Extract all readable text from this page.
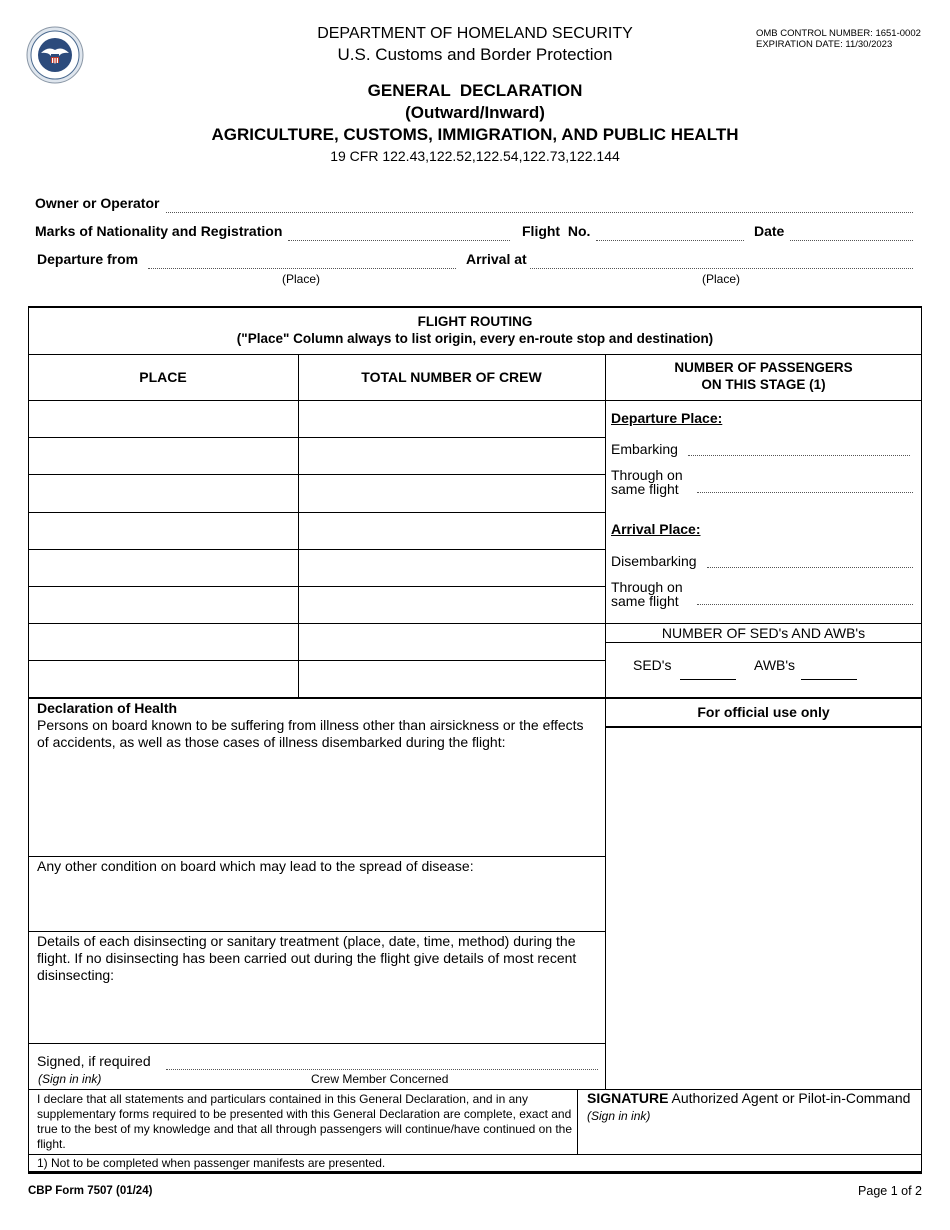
DEPARTMENT OF HOMELAND SECURITY
U.S. Customs and Border Protection
OMB CONTROL NUMBER: 1651-0002
EXPIRATION DATE: 11/30/2023
GENERAL  DECLARATION
(Outward/Inward)
AGRICULTURE, CUSTOMS, IMMIGRATION, AND PUBLIC HEALTH
19 CFR 122.43,122.52,122.54,122.73,122.144
Owner or Operator
Marks of Nationality and Registration	Flight  No.	Date
Departure from	Arrival at
(Place)	(Place)
FLIGHT ROUTING
("Place" Column always to list origin, every en-route stop and destination)
PLACE	TOTAL NUMBER OF CREW
NUMBER OF PASSENGERS
ON THIS STAGE (1)
Departure Place:
Embarking
Through on
same flight
Arrival Place:
Disembarking
Through on
same flight
NUMBER OF SED's AND AWB's
SED's	AWB's
For official use only
Declaration of Health
Persons on board known to be suffering from illness other than airsickness or the effects of accidents, as well as those cases of illness disembarked during the flight:
Any other condition on board which may lead to the spread of disease:
Details of each disinsecting or sanitary treatment (place, date, time, method) during the flight. If no disinsecting has been carried out during the flight give details of most recent disinsecting:
Signed, if required
(Sign in ink)	Crew Member Concerned
I declare that all statements and particulars contained in this General Declaration, and in any supplementary forms required to be presented with this General Declaration are complete, exact and true to the best of my knowledge and that all through passengers will continue/have continued on the flight.
SIGNATURE Authorized Agent or Pilot-in-Command
(Sign in ink)
1) Not to be completed when passenger manifests are presented.
CBP Form 7507 (01/24)	Page 1 of 2
